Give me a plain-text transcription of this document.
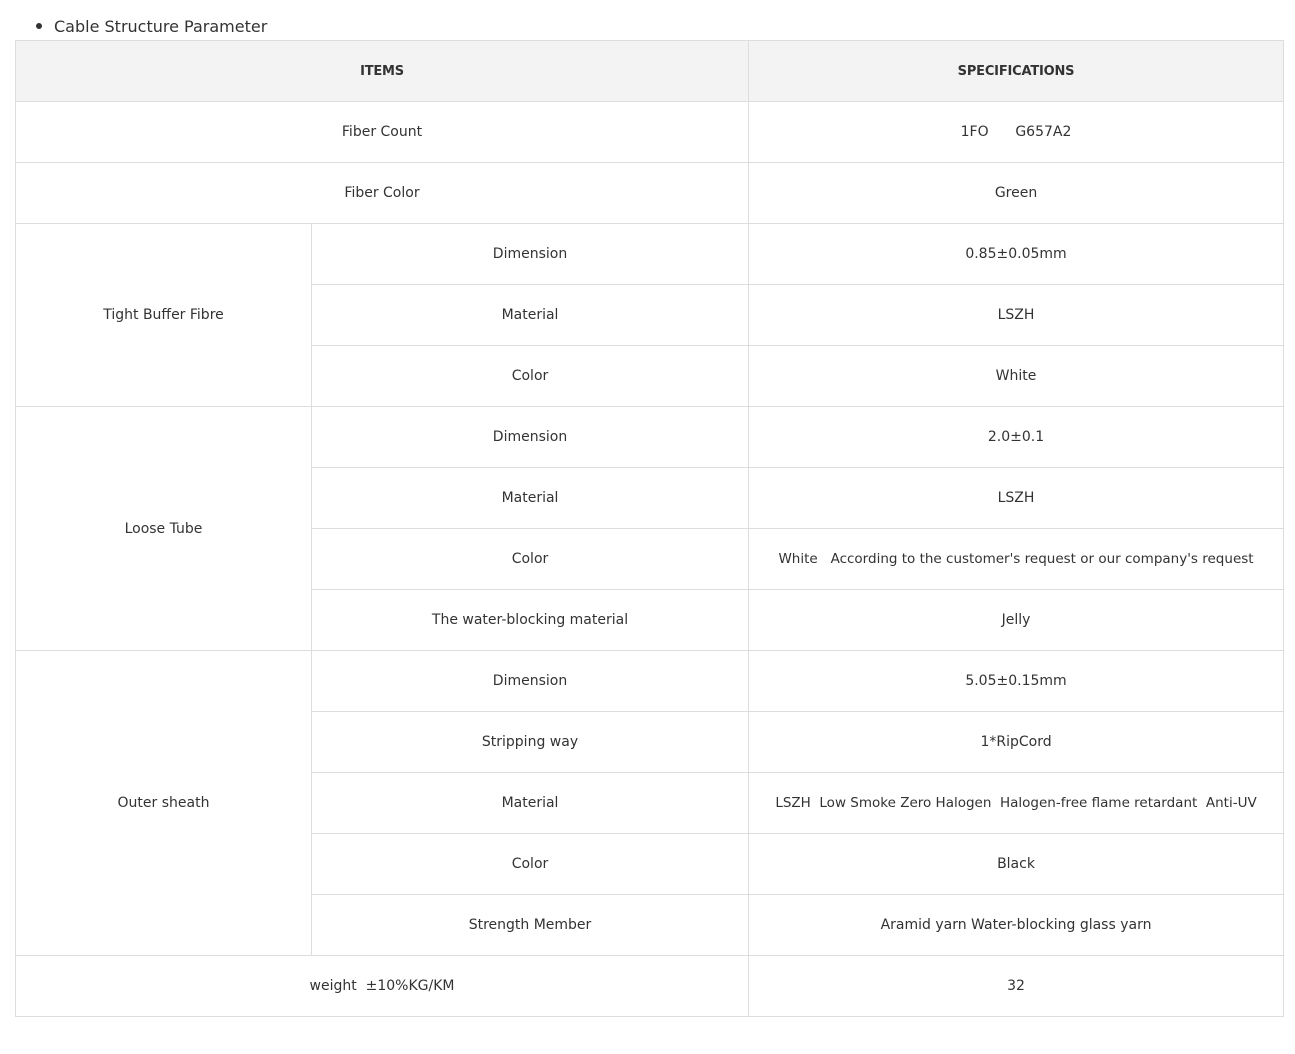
Cable Structure Parameter
ITEMS		SPECIFICATIONS
Fiber Count		1FO      G657A2
Fiber Color		Green
Tight Buffer Fibre	Dimension	0.85±0.05mm
	Material	LSZH
	Color	White
Loose Tube	Dimension	2.0±0.1
	Material	LSZH
	Color	White   According to the customer's request or our company's request
	The water-blocking material	Jelly
Outer sheath	Dimension	5.05±0.15mm
	Stripping way	1*RipCord
	Material	LSZH  Low Smoke Zero Halogen  Halogen-free flame retardant  Anti-UV
	Color	Black
	Strength Member	Aramid yarn Water-blocking glass yarn
weight  ±10%KG/KM		32
